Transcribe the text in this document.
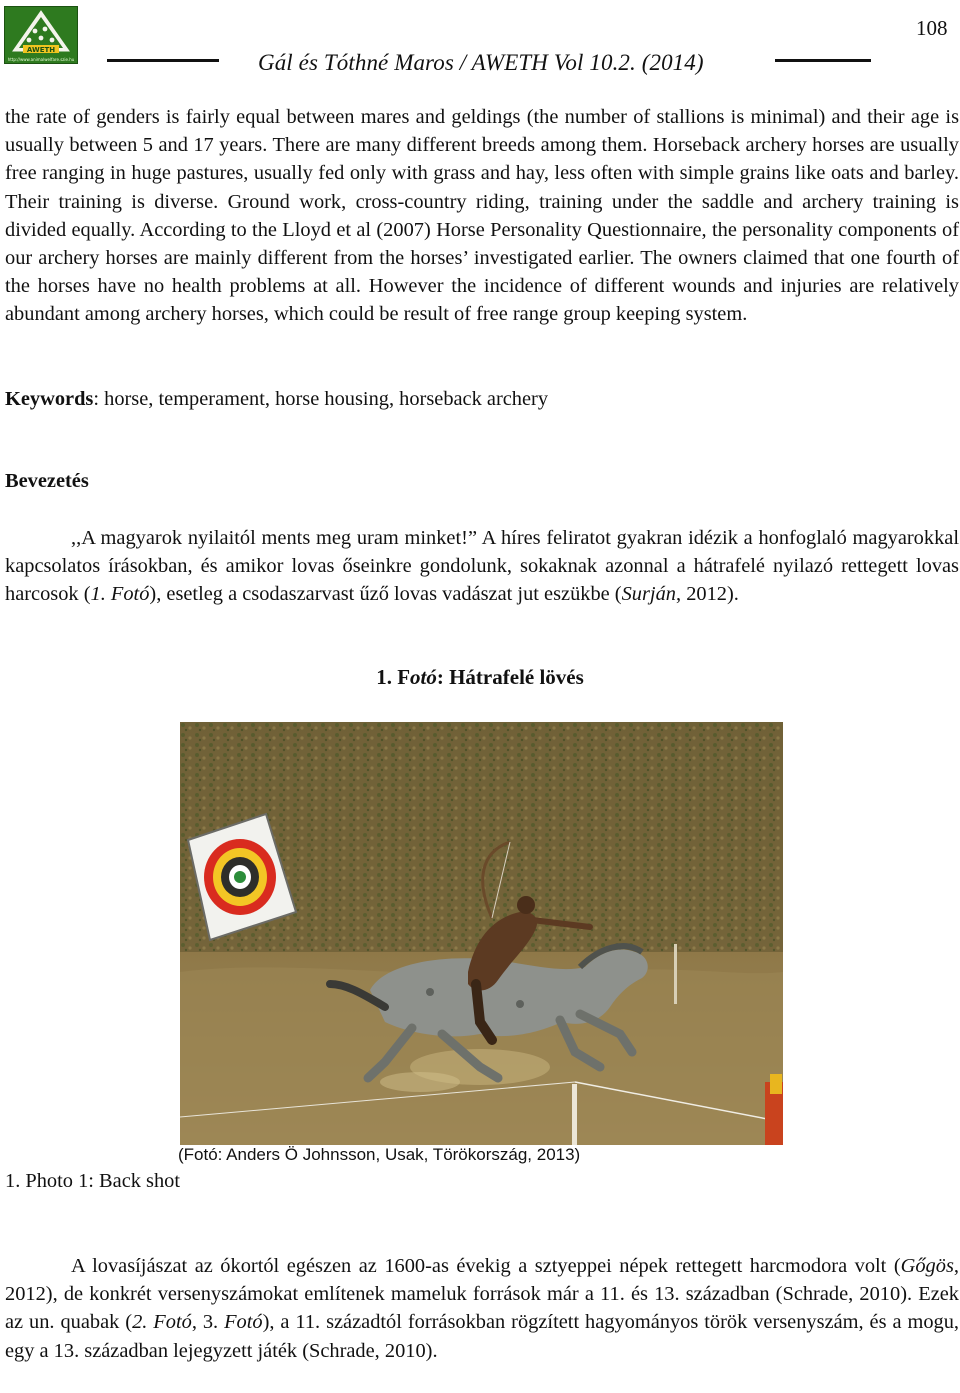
AWETH
http://www.animalwelfare.szie.hu	Gál és Tóthné Maros / AWETH Vol 10.2. (2014)
108

the rate of genders is fairly equal between mares and geldings (the number of stallions is minimal) and their age is usually between 5 and 17 years. There are many different breeds among them. Horseback archery horses are usually free ranging in huge pastures, usually fed only with grass and hay, less often with simple grains like oats and barley. Their training is diverse. Ground work, cross-country riding, training under the saddle and archery training is divided equally. According to the Lloyd et al (2007) Horse Personality Questionnaire, the personality components of our archery horses are mainly different from the horses’ investigated earlier. The owners claimed that one fourth of the horses have no health problems at all. However the incidence of different wounds and injuries are relatively abundant among archery horses, which could be result of free range group keeping system.

Keywords: horse, temperament, horse housing, horseback archery
Bevezetés

,,A magyarok nyilaitól ments meg uram minket!” A híres feliratot gyakran idézik a honfoglaló magyarokkal kapcsolatos írásokban, és amikor lovas őseinkre gondolunk, sokaknak azonnal a hátrafelé nyilazó rettegett lovas harcosok (1. Fotó), esetleg a csodaszarvast űző lovas vadászat jut eszükbe (Surján, 2012).

1. Fotó: Hátrafelé lövés
(Fotó: Anders Ö Johnsson, Usak, Törökország, 2013)
1. Photo 1: Back shot

A lovasíjászat az ókortól egészen az 1600-as évekig a sztyeppei népek rettegett harcmodora volt (Gőgös, 2012), de konkrét versenyszámokat említenek mameluk források már a 11. és 13. században (Schrade, 2010). Ezek az un. quabak (2. Fotó, 3. Fotó), a 11. századtól forrásokban rögzített hagyományos török versenyszám, és a mogu, egy a 13. században lejegyzett játék (Schrade, 2010).
